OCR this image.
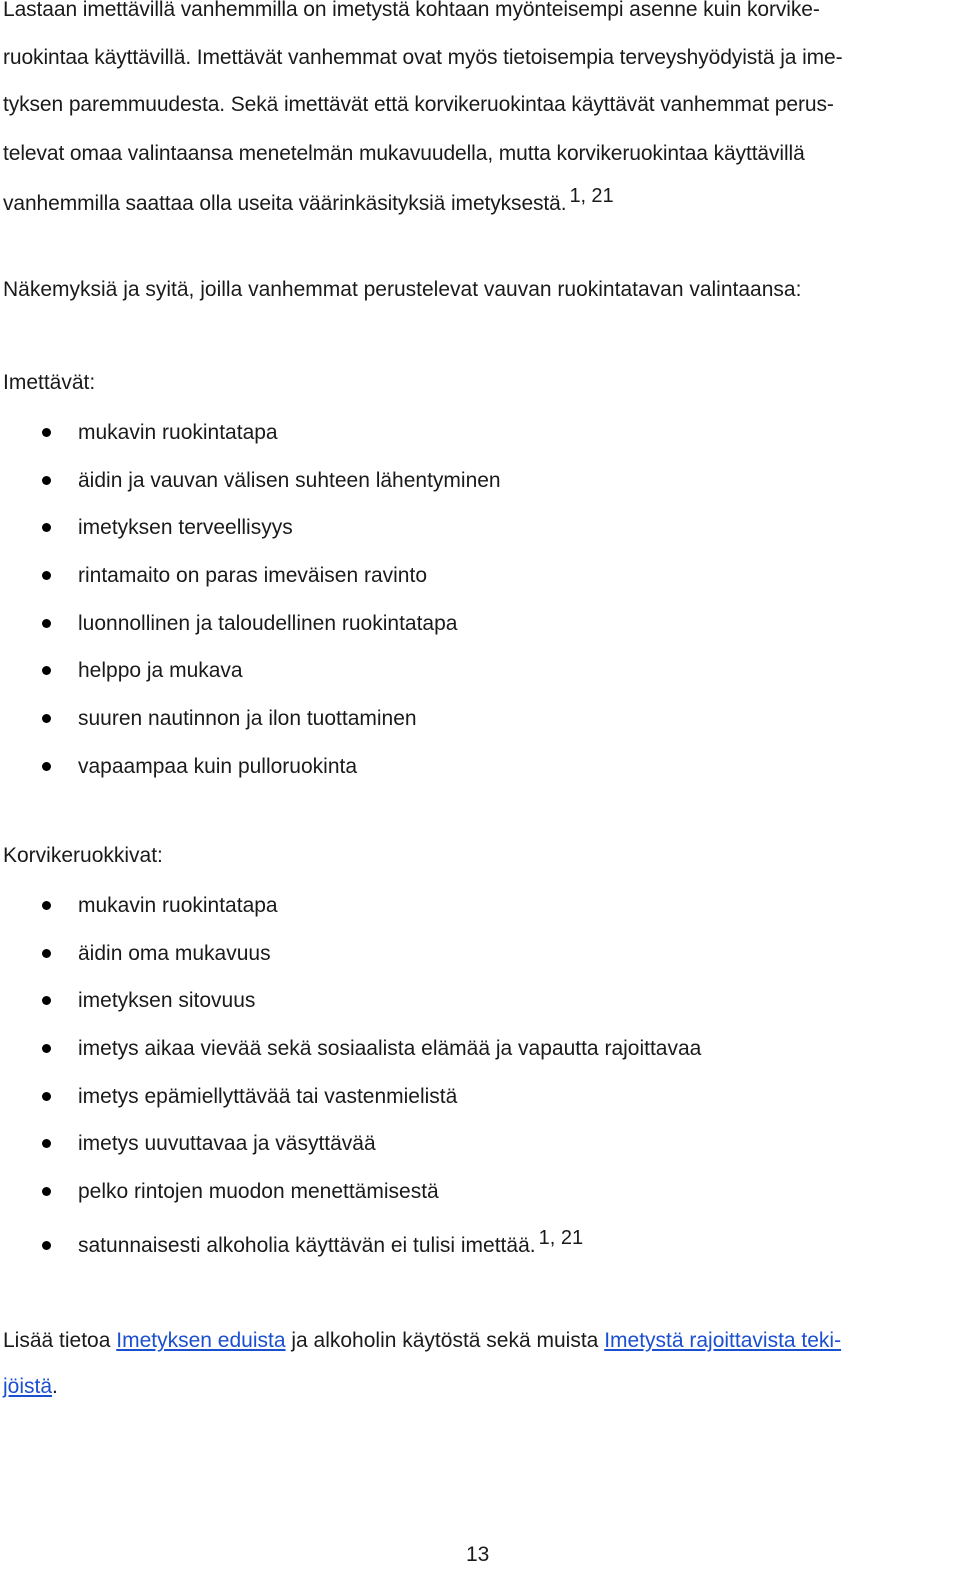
Lastaan imettävillä vanhemmilla on imetystä kohtaan myönteisempi asenne kuin korvike-
ruokintaa käyttävillä. Imettävät vanhemmat ovat myös tietoisempia terveyshyödyistä ja ime-
tyksen paremmuudesta. Sekä imettävät että korvikeruokintaa käyttävät vanhemmat perus-
televat omaa valintaansa menetelmän mukavuudella, mutta korvikeruokintaa käyttävillä
vanhemmilla saattaa olla useita väärinkäsityksiä imetyksestä. $^{1, 21}$

Näkemyksiä ja syitä, joilla vanhemmat perustelevat vauvan ruokintatavan valintaansa:

Imettävät:

mukavin ruokintatapa
äidin ja vauvan välisen suhteen lähentyminen
imetyksen terveellisyys
rintamaito on paras imeväisen ravinto
luonnollinen ja taloudellinen ruokintatapa
helppo ja mukava
suuren nautinnon ja ilon tuottaminen
vapaampaa kuin pulloruokinta

Korvikeruokkivat:

mukavin ruokintatapa
äidin oma mukavuus
imetyksen sitovuus
imetys aikaa vievää sekä sosiaalista elämää ja vapautta rajoittavaa
imetys epämiellyttävää tai vastenmielistä
imetys uuvuttavaa ja väsyttävää
pelko rintojen muodon menettämisestä
satunnaisesti alkoholia käyttävän ei tulisi imettää. $^{1, 21}$

Lisää tietoa Imetyksen eduista ja alkoholin käytöstä sekä muista Imetystä rajoittavista teki-
jöistä.

13
